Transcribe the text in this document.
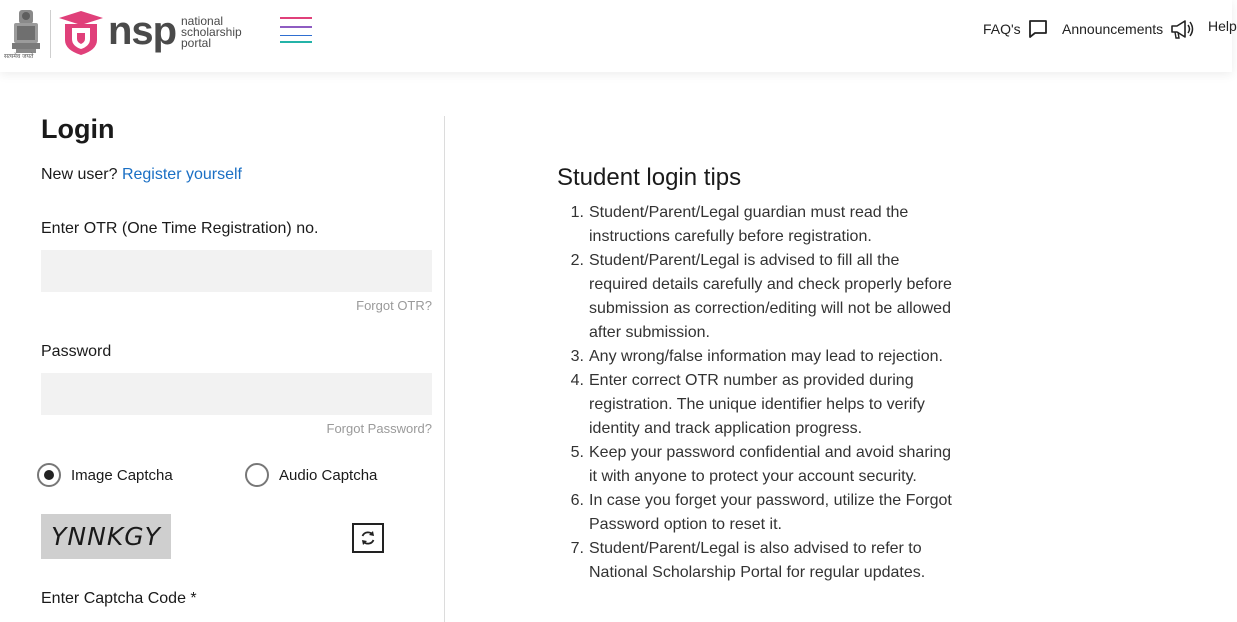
सत्यमेव जयते
nsp national
scholarship
portal
FAQ's	Announcements	Help
Login
New user? Register yourself
Enter OTR (One Time Registration) no.
Forgot OTR?
Password
Forgot Password?
Image Captcha	Audio Captcha
YNNKGY
Enter Captcha Code *
Student login tips
1. Student/Parent/Legal guardian must read the instructions carefully before registration.
2. Student/Parent/Legal is advised to fill all the required details carefully and check properly before submission as correction/editing will not be allowed after submission.
3. Any wrong/false information may lead to rejection.
4. Enter correct OTR number as provided during registration. The unique identifier helps to verify identity and track application progress.
5. Keep your password confidential and avoid sharing it with anyone to protect your account security.
6. In case you forget your password, utilize the Forgot Password option to reset it.
7. Student/Parent/Legal is also advised to refer to National Scholarship Portal for regular updates.
